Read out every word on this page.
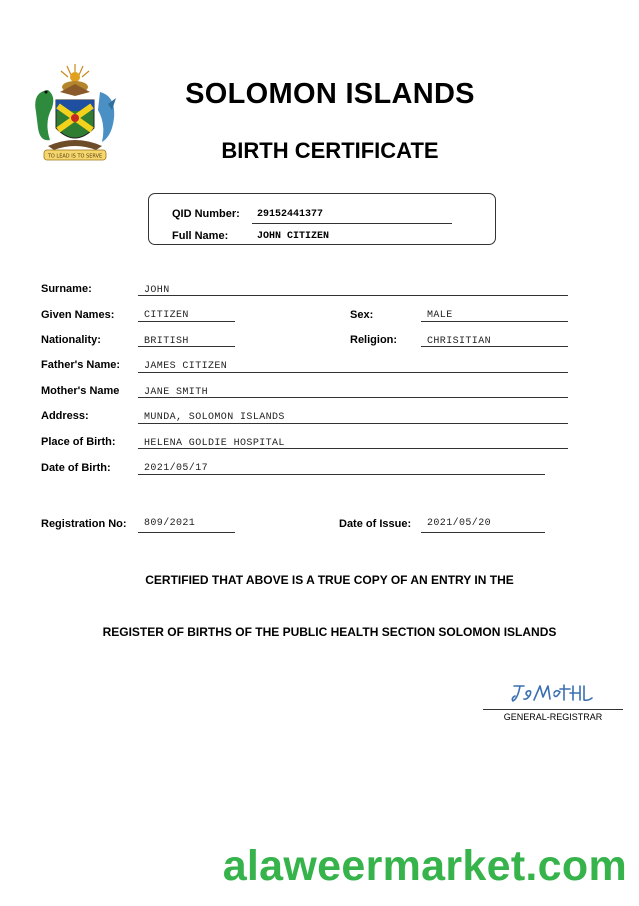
TO LEAD IS TO SERVE
SOLOMON ISLANDS
BIRTH CERTIFICATE
QID Number: 29152441377
Full Name:	JOHN CITIZEN
Surname:	JOHN
Given Names:	CITIZEN	Sex:	MALE
Nationality:	BRITISH	Religion:	CHRISITIAN
Father's Name: JAMES CITIZEN
Mother's Name JANE SMITH
Address:	MUNDA, SOLOMON ISLANDS
Place of Birth:	HELENA GOLDIE HOSPITAL
Date of Birth:	2021/05/17
Registration No: 809/2021	Date of Issue: 2021/05/20
CERTIFIED THAT ABOVE IS A TRUE COPY OF AN ENTRY IN THE
REGISTER OF BIRTHS OF THE PUBLIC HEALTH SECTION SOLOMON ISLANDS
GENERAL-REGISTRAR
alaweermarket.com
